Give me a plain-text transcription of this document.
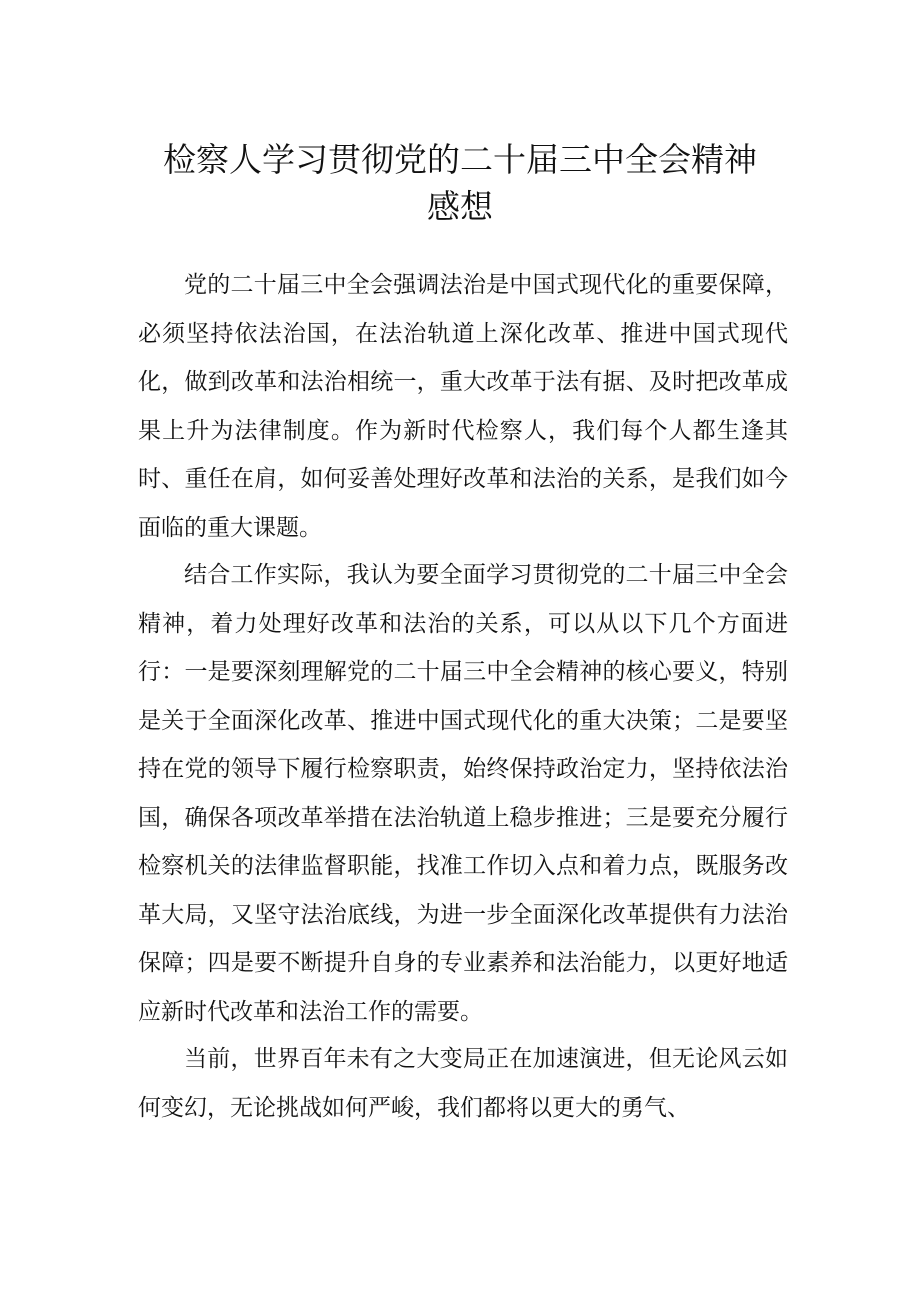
检察人学习贯彻党的二十届三中全会精神
感想

党的二十届三中全会强调法治是中国式现代化的重要保障，必须坚持依法治国，在法治轨道上深化改革、推进中国式现代化，做到改革和法治相统一，重大改革于法有据、及时把改革成果上升为法律制度。作为新时代检察人，我们每个人都生逢其时、重任在肩，如何妥善处理好改革和法治的关系，是我们如今面临的重大课题。

结合工作实际，我认为要全面学习贯彻党的二十届三中全会精神，着力处理好改革和法治的关系，可以从以下几个方面进行：一是要深刻理解党的二十届三中全会精神的核心要义，特别是关于全面深化改革、推进中国式现代化的重大决策；二是要坚持在党的领导下履行检察职责，始终保持政治定力，坚持依法治国，确保各项改革举措在法治轨道上稳步推进；三是要充分履行检察机关的法律监督职能，找准工作切入点和着力点，既服务改革大局，又坚守法治底线，为进一步全面深化改革提供有力法治保障；四是要不断提升自身的专业素养和法治能力，以更好地适应新时代改革和法治工作的需要。

当前，世界百年未有之大变局正在加速演进，但无论风云如何变幻，无论挑战如何严峻，我们都将以更大的勇气、
